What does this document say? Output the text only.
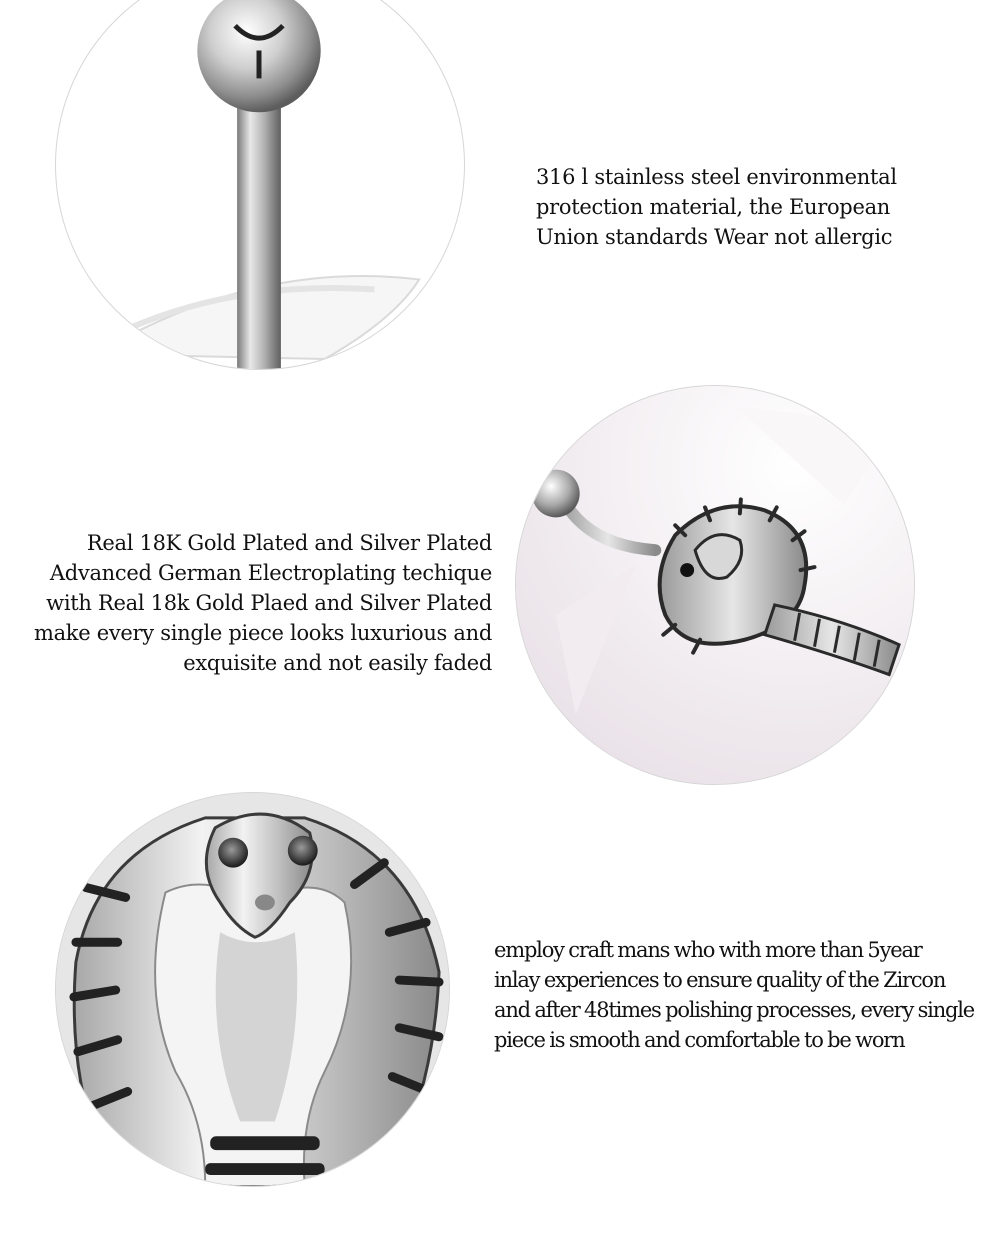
316 l stainless steel environmental
protection material, the European
Union standards Wear not allergic

Real 18K Gold Plated and Silver Plated
Advanced German Electroplating techique
with Real 18k Gold Plaed and Silver Plated
make every single piece looks luxurious and
exquisite and not easily faded

employ craft mans who with more than 5year
inlay experiences to ensure quality of the Zircon
and after 48times polishing processes, every single
piece is smooth and comfortable to be worn
